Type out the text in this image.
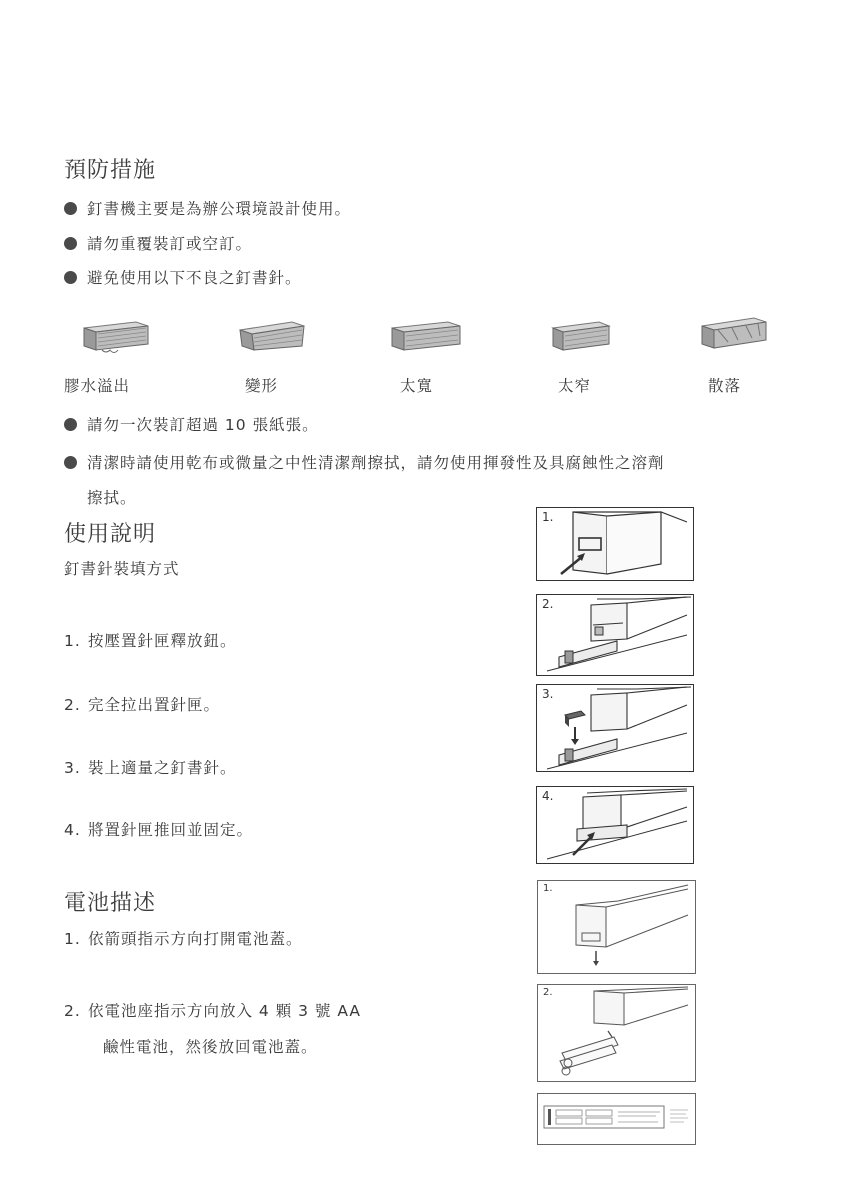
預防措施
釘書機主要是為辦公環境設計使用。
請勿重覆裝訂或空訂。
避免使用以下不良之釘書針。
膠水溢出	變形	太寬	太窄	散落
請勿一次裝訂超過 10 張紙張。
清潔時請使用乾布或微量之中性清潔劑擦拭，請勿使用揮發性及具腐蝕性之溶劑
擦拭。
使用說明
釘書針裝填方式
1. 按壓置針匣釋放鈕。
2. 完全拉出置針匣。
3. 裝上適量之釘書針。
4. 將置針匣推回並固定。
1.
2.
3.
4.
電池描述
1. 依箭頭指示方向打開電池蓋。
2. 依電池座指示方向放入 4 顆 3 號 AA
鹼性電池，然後放回電池蓋。
1.
2.
